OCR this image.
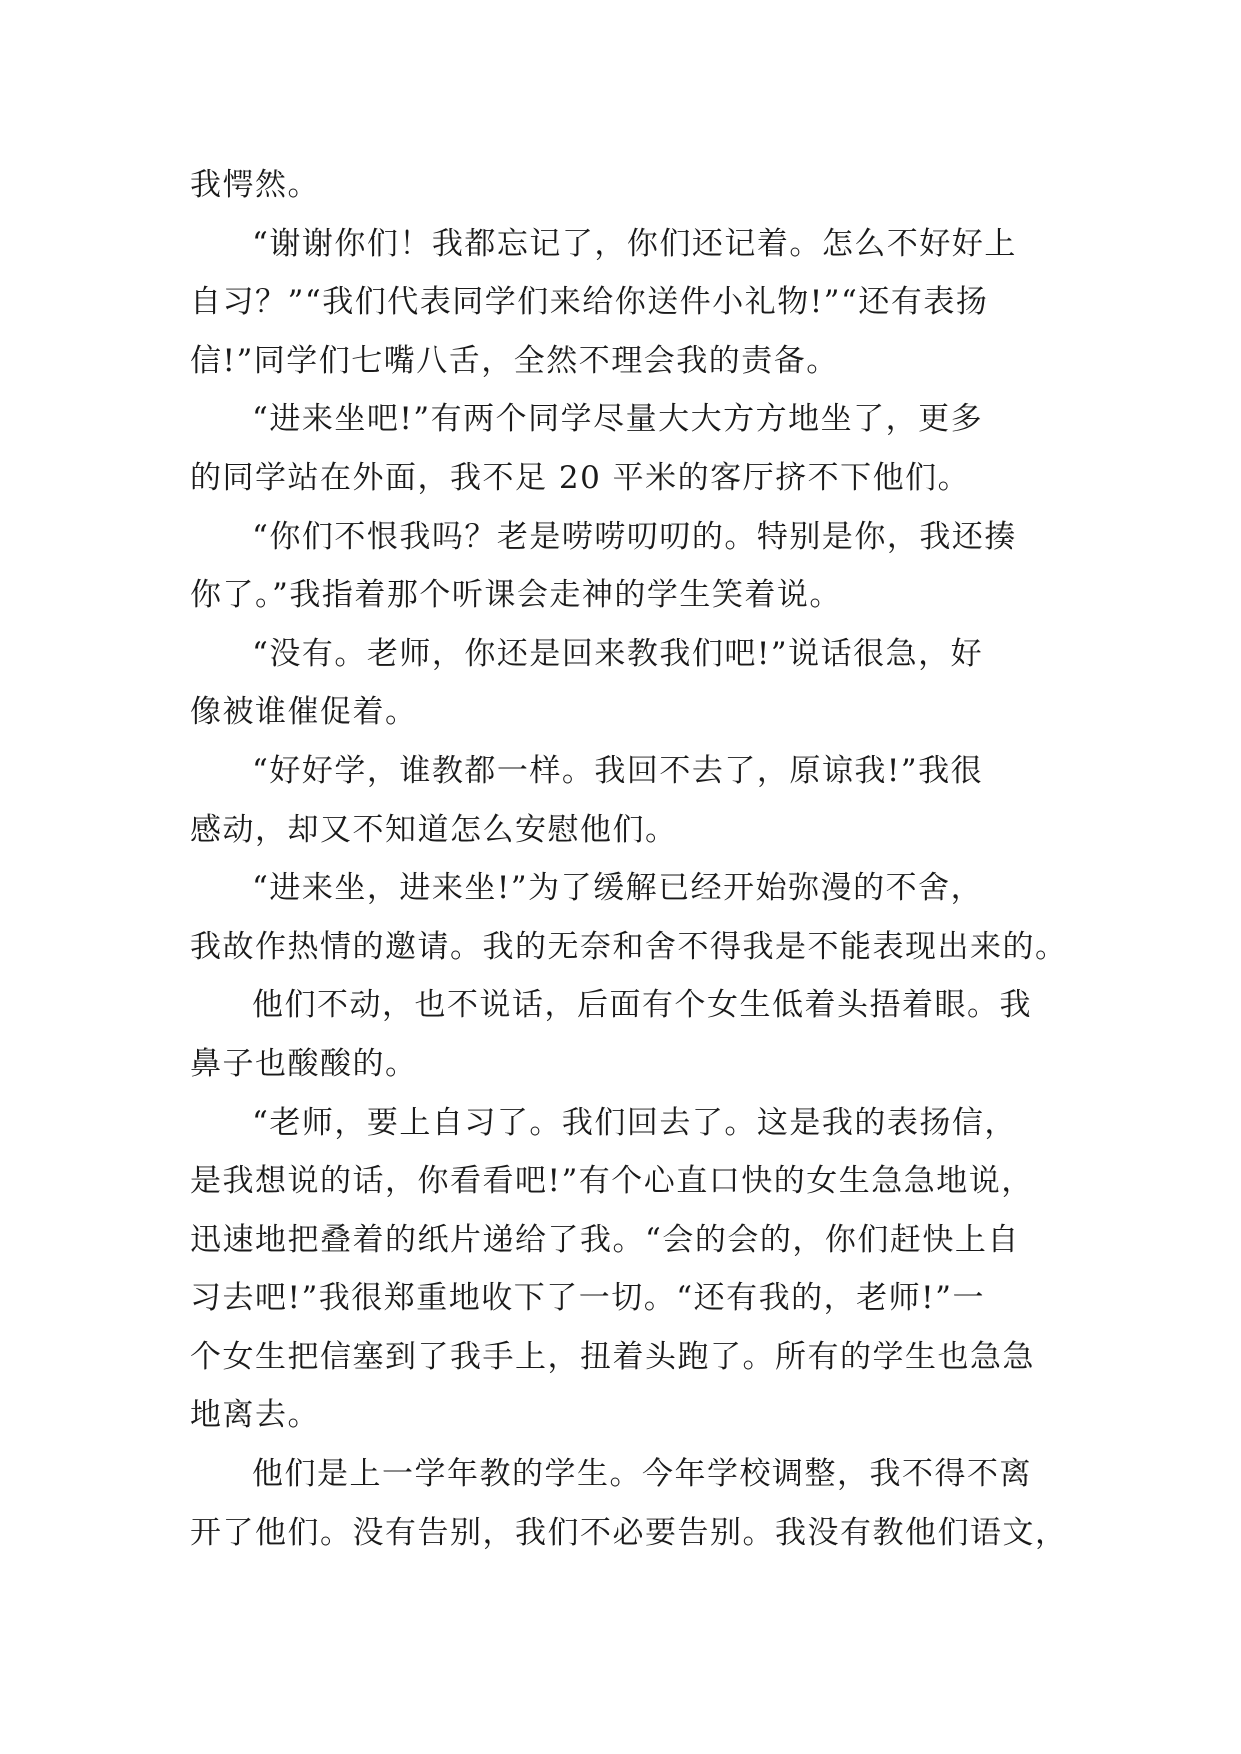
我愕然。
“谢谢你们！我都忘记了，你们还记着。怎么不好好上
自习？”“我们代表同学们来给你送件小礼物!”“还有表扬
信!”同学们七嘴八舌，全然不理会我的责备。
“进来坐吧!”有两个同学尽量大大方方地坐了，更多
的同学站在外面，我不足 20 平米的客厅挤不下他们。
“你们不恨我吗？老是唠唠叨叨的。特别是你，我还揍
你了。”我指着那个听课会走神的学生笑着说。
“没有。老师，你还是回来教我们吧!”说话很急，好
像被谁催促着。
“好好学，谁教都一样。我回不去了，原谅我!”我很
感动，却又不知道怎么安慰他们。
“进来坐，进来坐!”为了缓解已经开始弥漫的不舍，
我故作热情的邀请。我的无奈和舍不得我是不能表现出来的。
他们不动，也不说话，后面有个女生低着头捂着眼。我
鼻子也酸酸的。
“老师，要上自习了。我们回去了。这是我的表扬信，
是我想说的话，你看看吧!”有个心直口快的女生急急地说，
迅速地把叠着的纸片递给了我。“会的会的，你们赶快上自
习去吧!”我很郑重地收下了一切。“还有我的，老师!”一
个女生把信塞到了我手上，扭着头跑了。所有的学生也急急
地离去。
他们是上一学年教的学生。今年学校调整，我不得不离
开了他们。没有告别，我们不必要告别。我没有教他们语文，
